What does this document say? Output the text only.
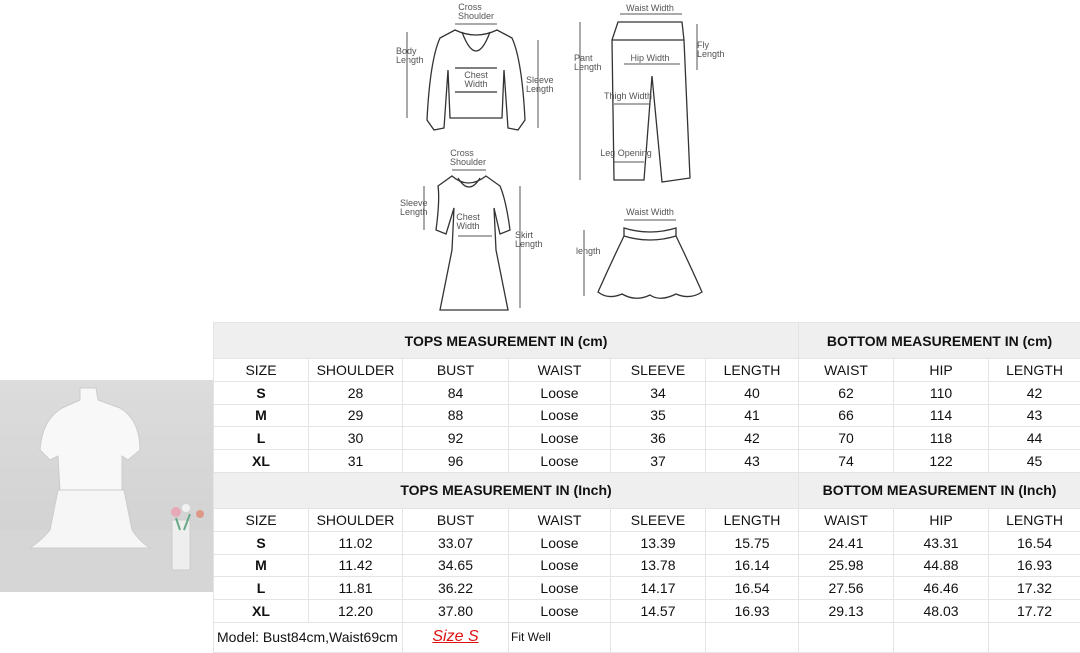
Cross Shoulder
Body Length
Chest Width	Sleeve Length
Waist Width
Pant Length
Fly Length
Hip Width
Thigh Width
Leg Opening
Cross Shoulder
Sleeve Length	Chest Width
Skirt Length
Waist Width
length
TOPS MEASUREMENT IN (cm)						BOTTOM MEASUREMENT IN (cm)		
SIZE	SHOULDER	BUST	WAIST	SLEEVE	LENGTH	WAIST	HIP	LENGTH
S	28	84	Loose	34	40	62	110	42
M	29	88	Loose	35	41	66	114	43
L	30	92	Loose	36	42	70	118	44
XL	31	96	Loose	37	43	74	122	45
TOPS MEASUREMENT IN (Inch)						BOTTOM MEASUREMENT IN (Inch)		
SIZE	SHOULDER	BUST	WAIST	SLEEVE	LENGTH	WAIST	HIP	LENGTH
S	11.02	33.07	Loose	13.39	15.75	24.41	43.31	16.54
M	11.42	34.65	Loose	13.78	16.14	25.98	44.88	16.93
L	11.81	36.22	Loose	14.17	16.54	27.56	46.46	17.32
XL	12.20	37.80	Loose	14.57	16.93	29.13	48.03	17.72
Model: Bust84cm,Waist69cm		Size S	Fit Well					
